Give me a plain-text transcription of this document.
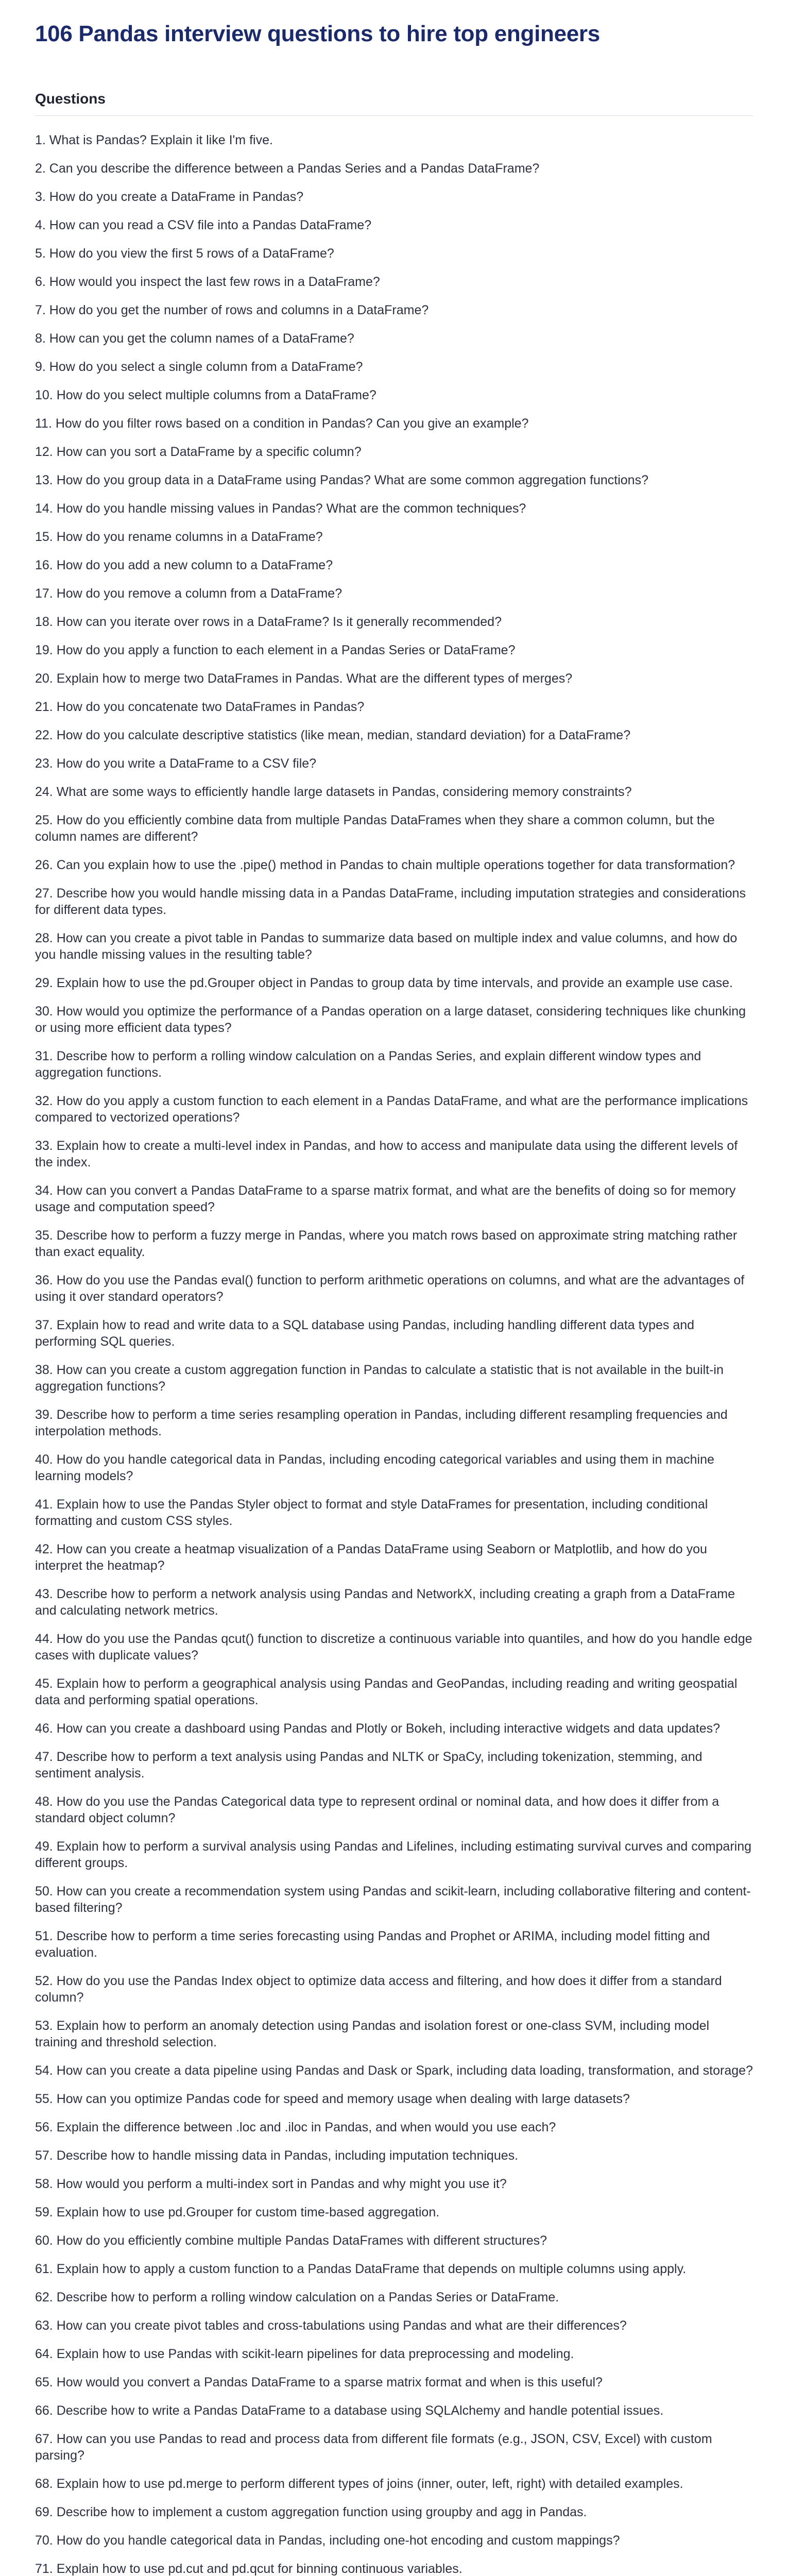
106 Pandas interview questions to hire top engineers
Questions
1. What is Pandas? Explain it like I'm five.
2. Can you describe the difference between a Pandas Series and a Pandas DataFrame?
3. How do you create a DataFrame in Pandas?
4. How can you read a CSV file into a Pandas DataFrame?
5. How do you view the first 5 rows of a DataFrame?
6. How would you inspect the last few rows in a DataFrame?
7. How do you get the number of rows and columns in a DataFrame?
8. How can you get the column names of a DataFrame?
9. How do you select a single column from a DataFrame?
10. How do you select multiple columns from a DataFrame?
11. How do you filter rows based on a condition in Pandas? Can you give an example?
12. How can you sort a DataFrame by a specific column?
13. How do you group data in a DataFrame using Pandas? What are some common aggregation functions?
14. How do you handle missing values in Pandas? What are the common techniques?
15. How do you rename columns in a DataFrame?
16. How do you add a new column to a DataFrame?
17. How do you remove a column from a DataFrame?
18. How can you iterate over rows in a DataFrame? Is it generally recommended?
19. How do you apply a function to each element in a Pandas Series or DataFrame?
20. Explain how to merge two DataFrames in Pandas. What are the different types of merges?
21. How do you concatenate two DataFrames in Pandas?
22. How do you calculate descriptive statistics (like mean, median, standard deviation) for a DataFrame?
23. How do you write a DataFrame to a CSV file?
24. What are some ways to efficiently handle large datasets in Pandas, considering memory constraints?
25. How do you efficiently combine data from multiple Pandas DataFrames when they share a common column, but the column names are different?
26. Can you explain how to use the .pipe() method in Pandas to chain multiple operations together for data transformation?
27. Describe how you would handle missing data in a Pandas DataFrame, including imputation strategies and considerations for different data types.
28. How can you create a pivot table in Pandas to summarize data based on multiple index and value columns, and how do you handle missing values in the resulting table?
29. Explain how to use the pd.Grouper object in Pandas to group data by time intervals, and provide an example use case.
30. How would you optimize the performance of a Pandas operation on a large dataset, considering techniques like chunking or using more efficient data types?
31. Describe how to perform a rolling window calculation on a Pandas Series, and explain different window types and aggregation functions.
32. How do you apply a custom function to each element in a Pandas DataFrame, and what are the performance implications compared to vectorized operations?
33. Explain how to create a multi-level index in Pandas, and how to access and manipulate data using the different levels of the index.
34. How can you convert a Pandas DataFrame to a sparse matrix format, and what are the benefits of doing so for memory usage and computation speed?
35. Describe how to perform a fuzzy merge in Pandas, where you match rows based on approximate string matching rather than exact equality.
36. How do you use the Pandas eval() function to perform arithmetic operations on columns, and what are the advantages of using it over standard operators?
37. Explain how to read and write data to a SQL database using Pandas, including handling different data types and performing SQL queries.
38. How can you create a custom aggregation function in Pandas to calculate a statistic that is not available in the built-in aggregation functions?
39. Describe how to perform a time series resampling operation in Pandas, including different resampling frequencies and interpolation methods.
40. How do you handle categorical data in Pandas, including encoding categorical variables and using them in machine learning models?
41. Explain how to use the Pandas Styler object to format and style DataFrames for presentation, including conditional formatting and custom CSS styles.
42. How can you create a heatmap visualization of a Pandas DataFrame using Seaborn or Matplotlib, and how do you interpret the heatmap?
43. Describe how to perform a network analysis using Pandas and NetworkX, including creating a graph from a DataFrame and calculating network metrics.
44. How do you use the Pandas qcut() function to discretize a continuous variable into quantiles, and how do you handle edge cases with duplicate values?
45. Explain how to perform a geographical analysis using Pandas and GeoPandas, including reading and writing geospatial data and performing spatial operations.
46. How can you create a dashboard using Pandas and Plotly or Bokeh, including interactive widgets and data updates?
47. Describe how to perform a text analysis using Pandas and NLTK or SpaCy, including tokenization, stemming, and sentiment analysis.
48. How do you use the Pandas Categorical data type to represent ordinal or nominal data, and how does it differ from a standard object column?
49. Explain how to perform a survival analysis using Pandas and Lifelines, including estimating survival curves and comparing different groups.
50. How can you create a recommendation system using Pandas and scikit-learn, including collaborative filtering and content-based filtering?
51. Describe how to perform a time series forecasting using Pandas and Prophet or ARIMA, including model fitting and evaluation.
52. How do you use the Pandas Index object to optimize data access and filtering, and how does it differ from a standard column?
53. Explain how to perform an anomaly detection using Pandas and isolation forest or one-class SVM, including model training and threshold selection.
54. How can you create a data pipeline using Pandas and Dask or Spark, including data loading, transformation, and storage?
55. How can you optimize Pandas code for speed and memory usage when dealing with large datasets?
56. Explain the difference between .loc and .iloc in Pandas, and when would you use each?
57. Describe how to handle missing data in Pandas, including imputation techniques.
58. How would you perform a multi-index sort in Pandas and why might you use it?
59. Explain how to use pd.Grouper for custom time-based aggregation.
60. How do you efficiently combine multiple Pandas DataFrames with different structures?
61. Explain how to apply a custom function to a Pandas DataFrame that depends on multiple columns using apply.
62. Describe how to perform a rolling window calculation on a Pandas Series or DataFrame.
63. How can you create pivot tables and cross-tabulations using Pandas and what are their differences?
64. Explain how to use Pandas with scikit-learn pipelines for data preprocessing and modeling.
65. How would you convert a Pandas DataFrame to a sparse matrix format and when is this useful?
66. Describe how to write a Pandas DataFrame to a database using SQLAlchemy and handle potential issues.
67. How can you use Pandas to read and process data from different file formats (e.g., JSON, CSV, Excel) with custom parsing?
68. Explain how to use pd.merge to perform different types of joins (inner, outer, left, right) with detailed examples.
69. Describe how to implement a custom aggregation function using groupby and agg in Pandas.
70. How do you handle categorical data in Pandas, including one-hot encoding and custom mappings?
71. Explain how to use pd.cut and pd.qcut for binning continuous variables.
